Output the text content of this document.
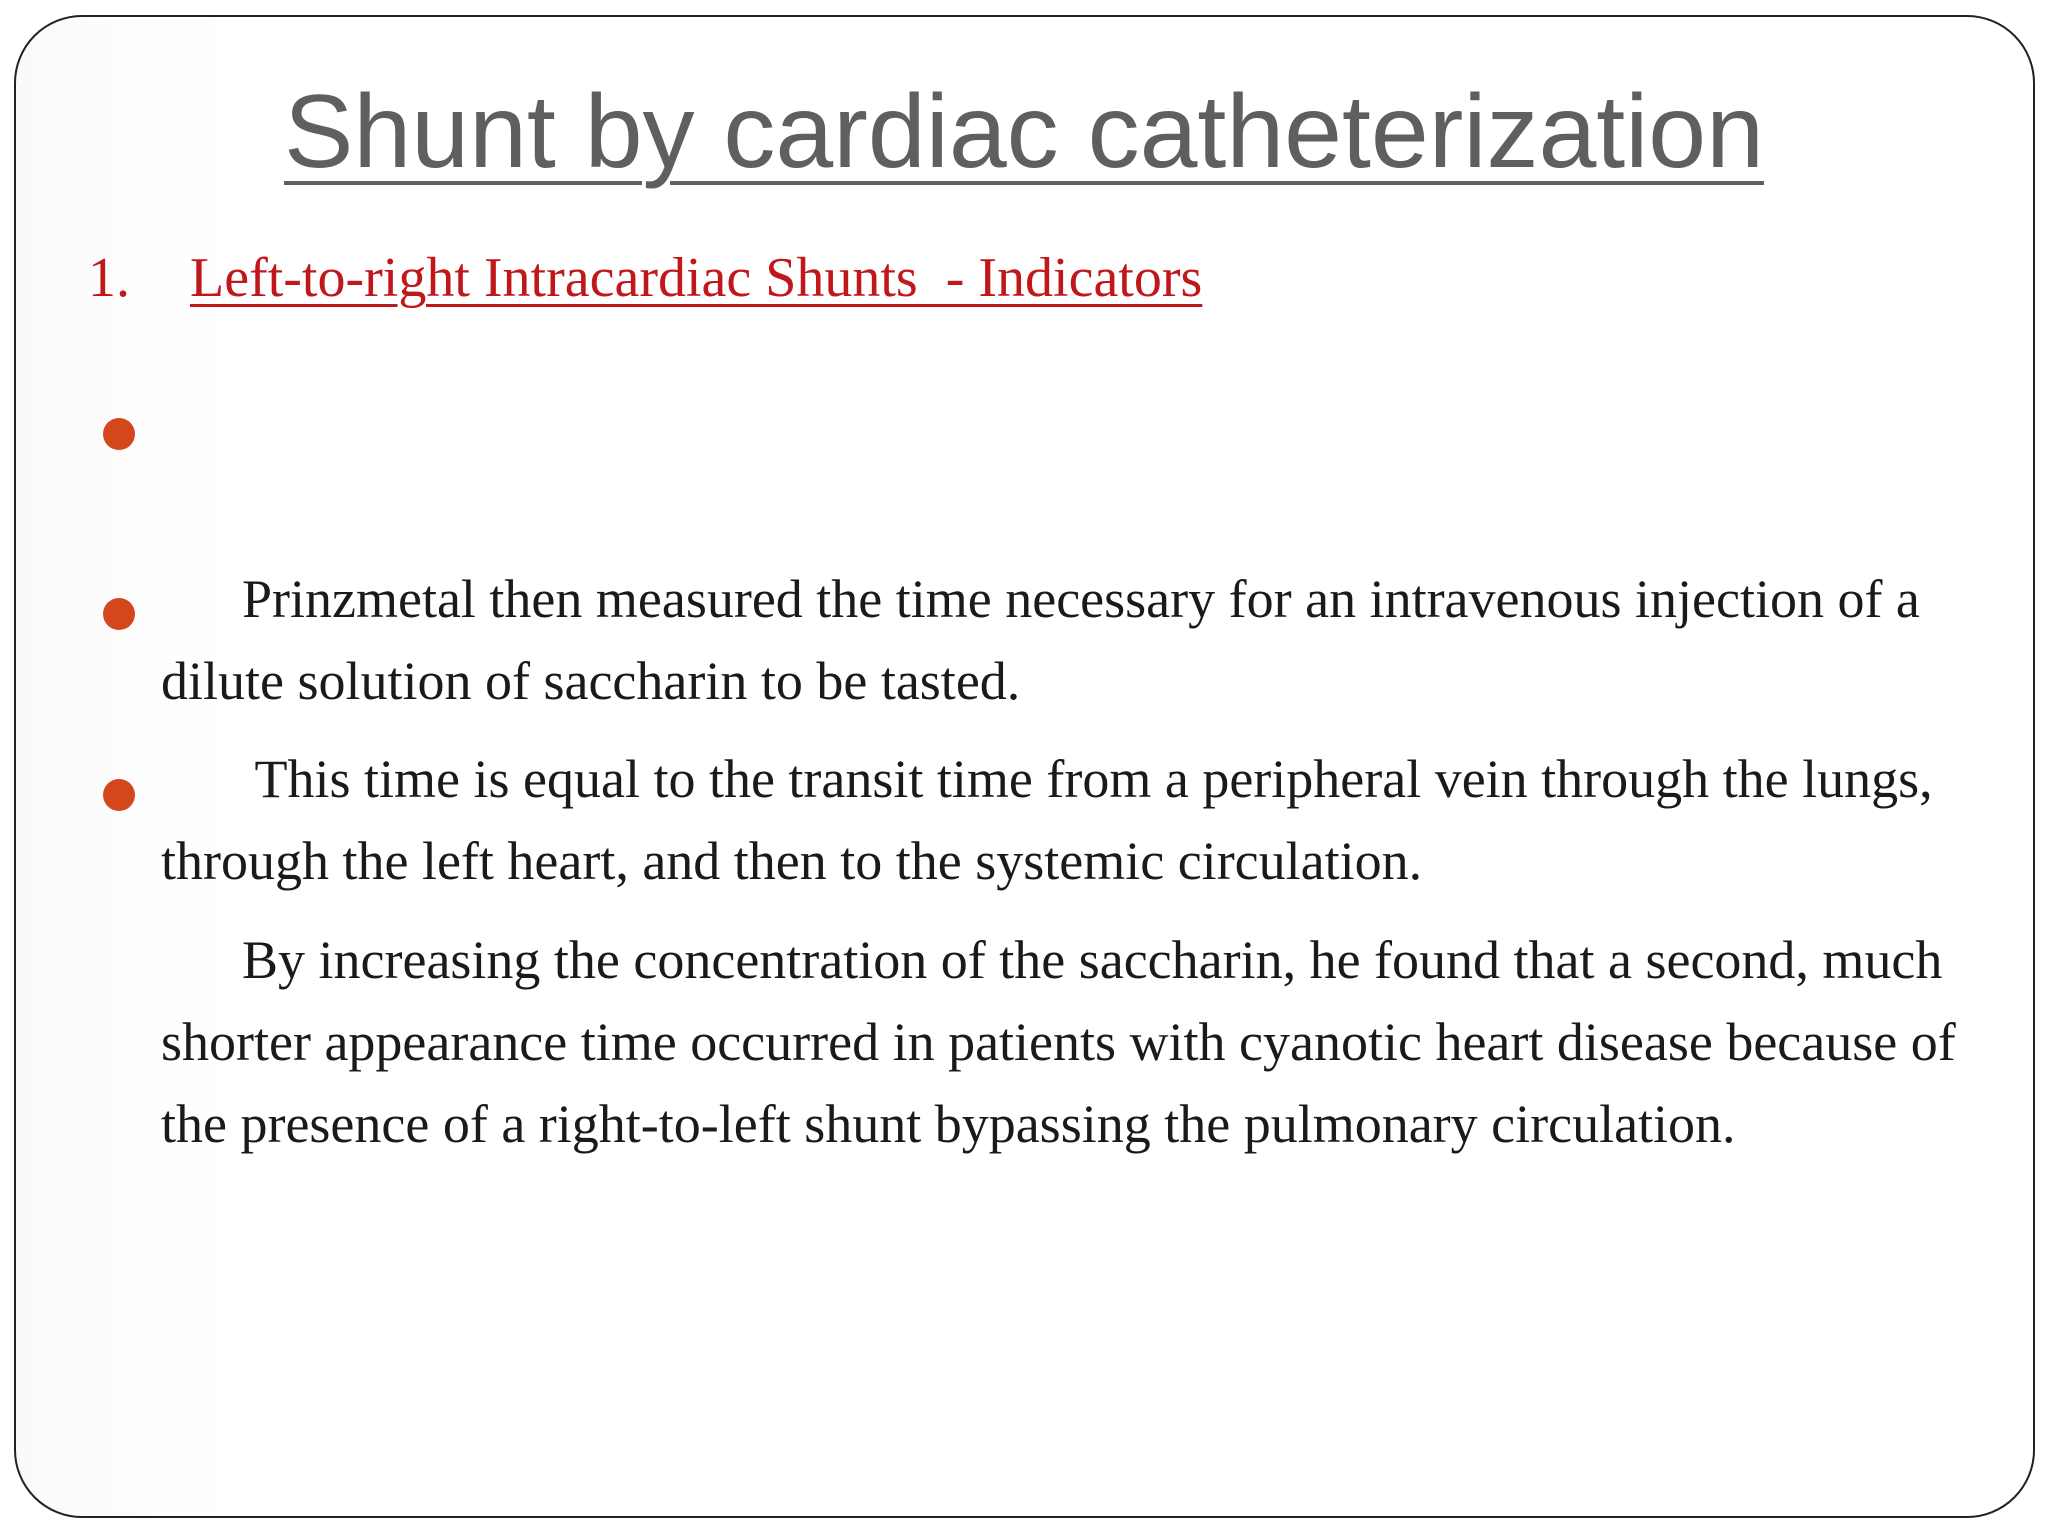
Shunt by cardiac catheterization
1. Left-to-right Intracardiac Shunts  - Indicators

Prinzmetal then measured the time necessary for an intravenous injection of a dilute solution of saccharin to be tasted.

This time is equal to the transit time from a peripheral vein through the lungs, through the left heart, and then to the systemic circulation.

By increasing the concentration of the saccharin, he found that a second, much shorter appearance time occurred in patients with cyanotic heart disease because of the presence of a right-to-left shunt bypassing the pulmonary circulation.
